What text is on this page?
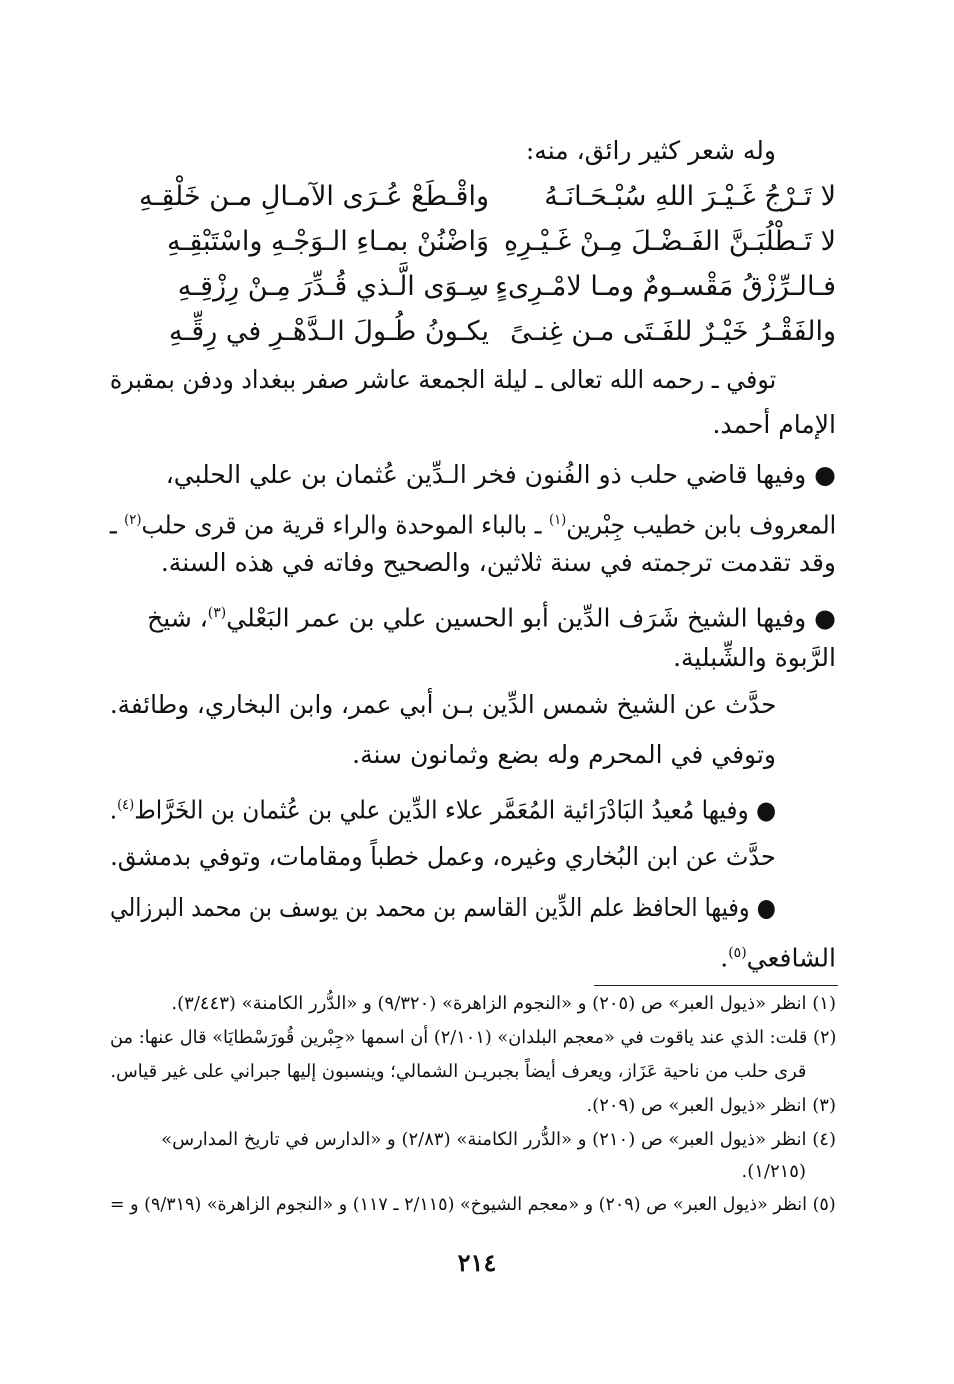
وله شعر كثير رائق، منه:
لا تَـرْجُ غَـيْـرَ اللهِ سُبْـحَـانَـهُ
واقْـطَعْ عُـرَى الآمـالِ مـن خَلْقِـهِ
لا تَـطْلُبَـنَّ الفَـضْـلَ مِـنْ غَـيْـرِهِ
وَاضْنُنْ بمـاءِ الـوَجْـهِ واسْتَبْقِـهِ
فـالـرِّزْقُ مَقْسـومٌ ومـا لامْـرِىءٍ
سِـوَى الَّـذي قُـدِّرَ مِـنْ رِزْقِـهِ
والفَقْـرُ خَيْـرٌ للفَـتَى مـن غِنـىً
يكـونُ طُـولَ الـدَّهْـرِ في رِقِّـهِ
توفي ـ رحمه الله تعالى ـ ليلة الجمعة عاشر صفر ببغداد ودفن بمقبرة
الإمام أحمد.
● وفيها قاضي حلب ذو الفُنون فخر الـدِّين عُثمان بن علي الحلبي،
المعروف بابن خطيب جِبْرين$^{(١)}$ ـ بالباء الموحدة والراء قرية من قرى حلب$^{(٢)}$ ـ
وقد تقدمت ترجمته في سنة ثلاثين، والصحيح وفاته في هذه السنة.
● وفيها الشيخ شَرَف الدِّين أبو الحسين علي بن عمر البَعْلي$^{(٣)}$، شيخ
الرَّبوة والشِّبلية.
حدَّث عن الشيخ شمس الدِّين بـن أبي عمر، وابن البخاري، وطائفة.
وتوفي في المحرم وله بضع وثمانون سنة.
● وفيها مُعيدُ البَادْرَائية المُعَمَّر علاء الدِّين علي بن عُثمان بن الخَرَّاط$^{(٤)}$.
حدَّث عن ابن البُخاري وغيره، وعمل خطباً ومقامات، وتوفي بدمشق.
● وفيها الحافظ علم الدِّين القاسم بن محمد بن يوسف بن محمد البرزالي
الشافعي$^{(٥)}$.
(١) انظر «ذيول العبر» ص (٢٠٥) و «النجوم الزاهرة» (٩/٣٢٠) و «الدُّرر الكامنة» (٣/٤٤٣).
(٢) قلت: الذي عند ياقوت في «معجم البلدان» (٢/١٠١) أن اسمها «جِبْرين قُورَسْطايَا» قال عنها: من
قرى حلب من ناحية عَزَاز، ويعرف أيضاً بجبريـن الشمالي؛ وينسبون إليها جبراني على غير قياس.
(٣) انظر «ذيول العبر» ص (٢٠٩).
(٤) انظر «ذيول العبر» ص (٢١٠) و «الدُّرر الكامنة» (٢/٨٣) و «الدارس في تاريخ المدارس»
(١/٢١٥).
(٥) انظر «ذيول العبر» ص (٢٠٩) و «معجم الشيوخ» (٢/١١٥ ـ ١١٧) و «النجوم الزاهرة» (٩/٣١٩) و =
٢١٤
